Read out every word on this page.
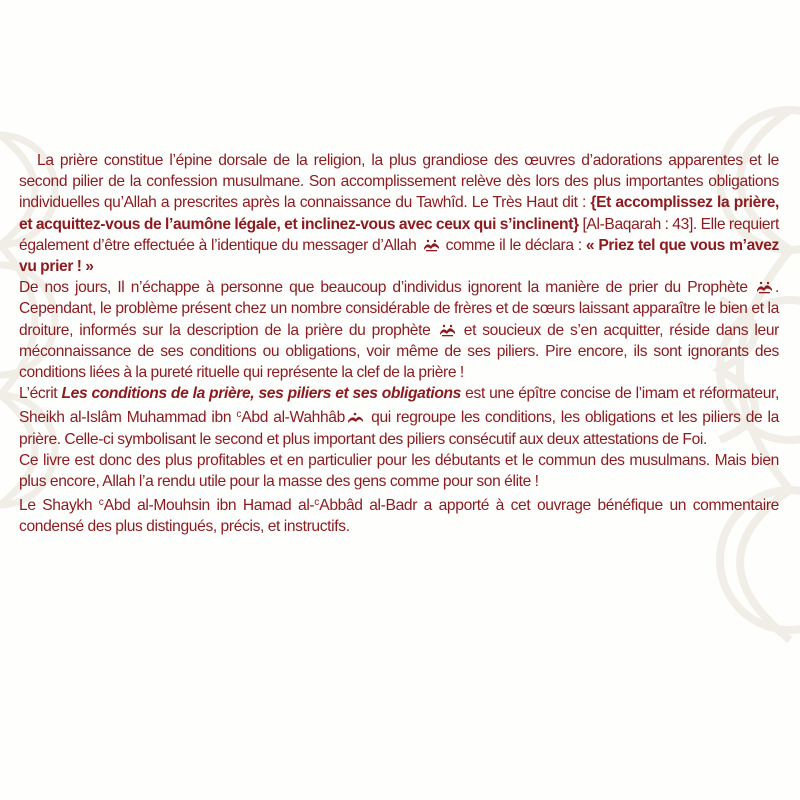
La prière constitue l’épine dorsale de la religion, la plus grandiose des œuvres d’adorations apparentes et le second pilier de la confession musulmane. Son accomplissement relève dès lors des plus importantes obligations individuelles qu’Allah a prescrites après la connaissance du Tawhîd. Le Très Haut dit : {Et accomplissez la prière, et acquittez-vous de l’aumône légale, et inclinez-vous avec ceux qui s’inclinent} [Al-Baqarah : 43]. Elle requiert également d’être effectuée à l’identique du messager d’Allah  comme il le déclara : « Priez tel que vous m’avez vu prier ! »

De nos jours, Il n’échappe à personne que beaucoup d’individus ignorent la manière de prier du Prophète . Cependant, le problème présent chez un nombre considérable de frères et de sœurs laissant apparaître le bien et la droiture, informés sur la description de la prière du prophète  et soucieux de s’en acquitter, réside dans leur méconnaissance de ses conditions ou obligations, voir même de ses piliers. Pire encore, ils sont ignorants des conditions liées à la pureté rituelle qui représente la clef de la prière !

L’écrit Les conditions de la prière, ses piliers et ses obligations est une épître concise de l’imam et réformateur, Sheikh al-Islâm Muhammad ibn $^c$Abd al-Wahhâb qui regroupe les conditions, les obligations et les piliers de la prière. Celle-ci symbolisant le second et plus important des piliers consécutif aux deux attestations de Foi.

Ce livre est donc des plus profitables et en particulier pour les débutants et le commun des musulmans. Mais bien plus encore, Allah l’a rendu utile pour la masse des gens comme pour son élite !

Le Shaykh $^c$Abd al-Mouhsin ibn Hamad al-$^c$Abbâd al-Badr a apporté à cet ouvrage bénéfique un commentaire condensé des plus distingués, précis, et instructifs.
